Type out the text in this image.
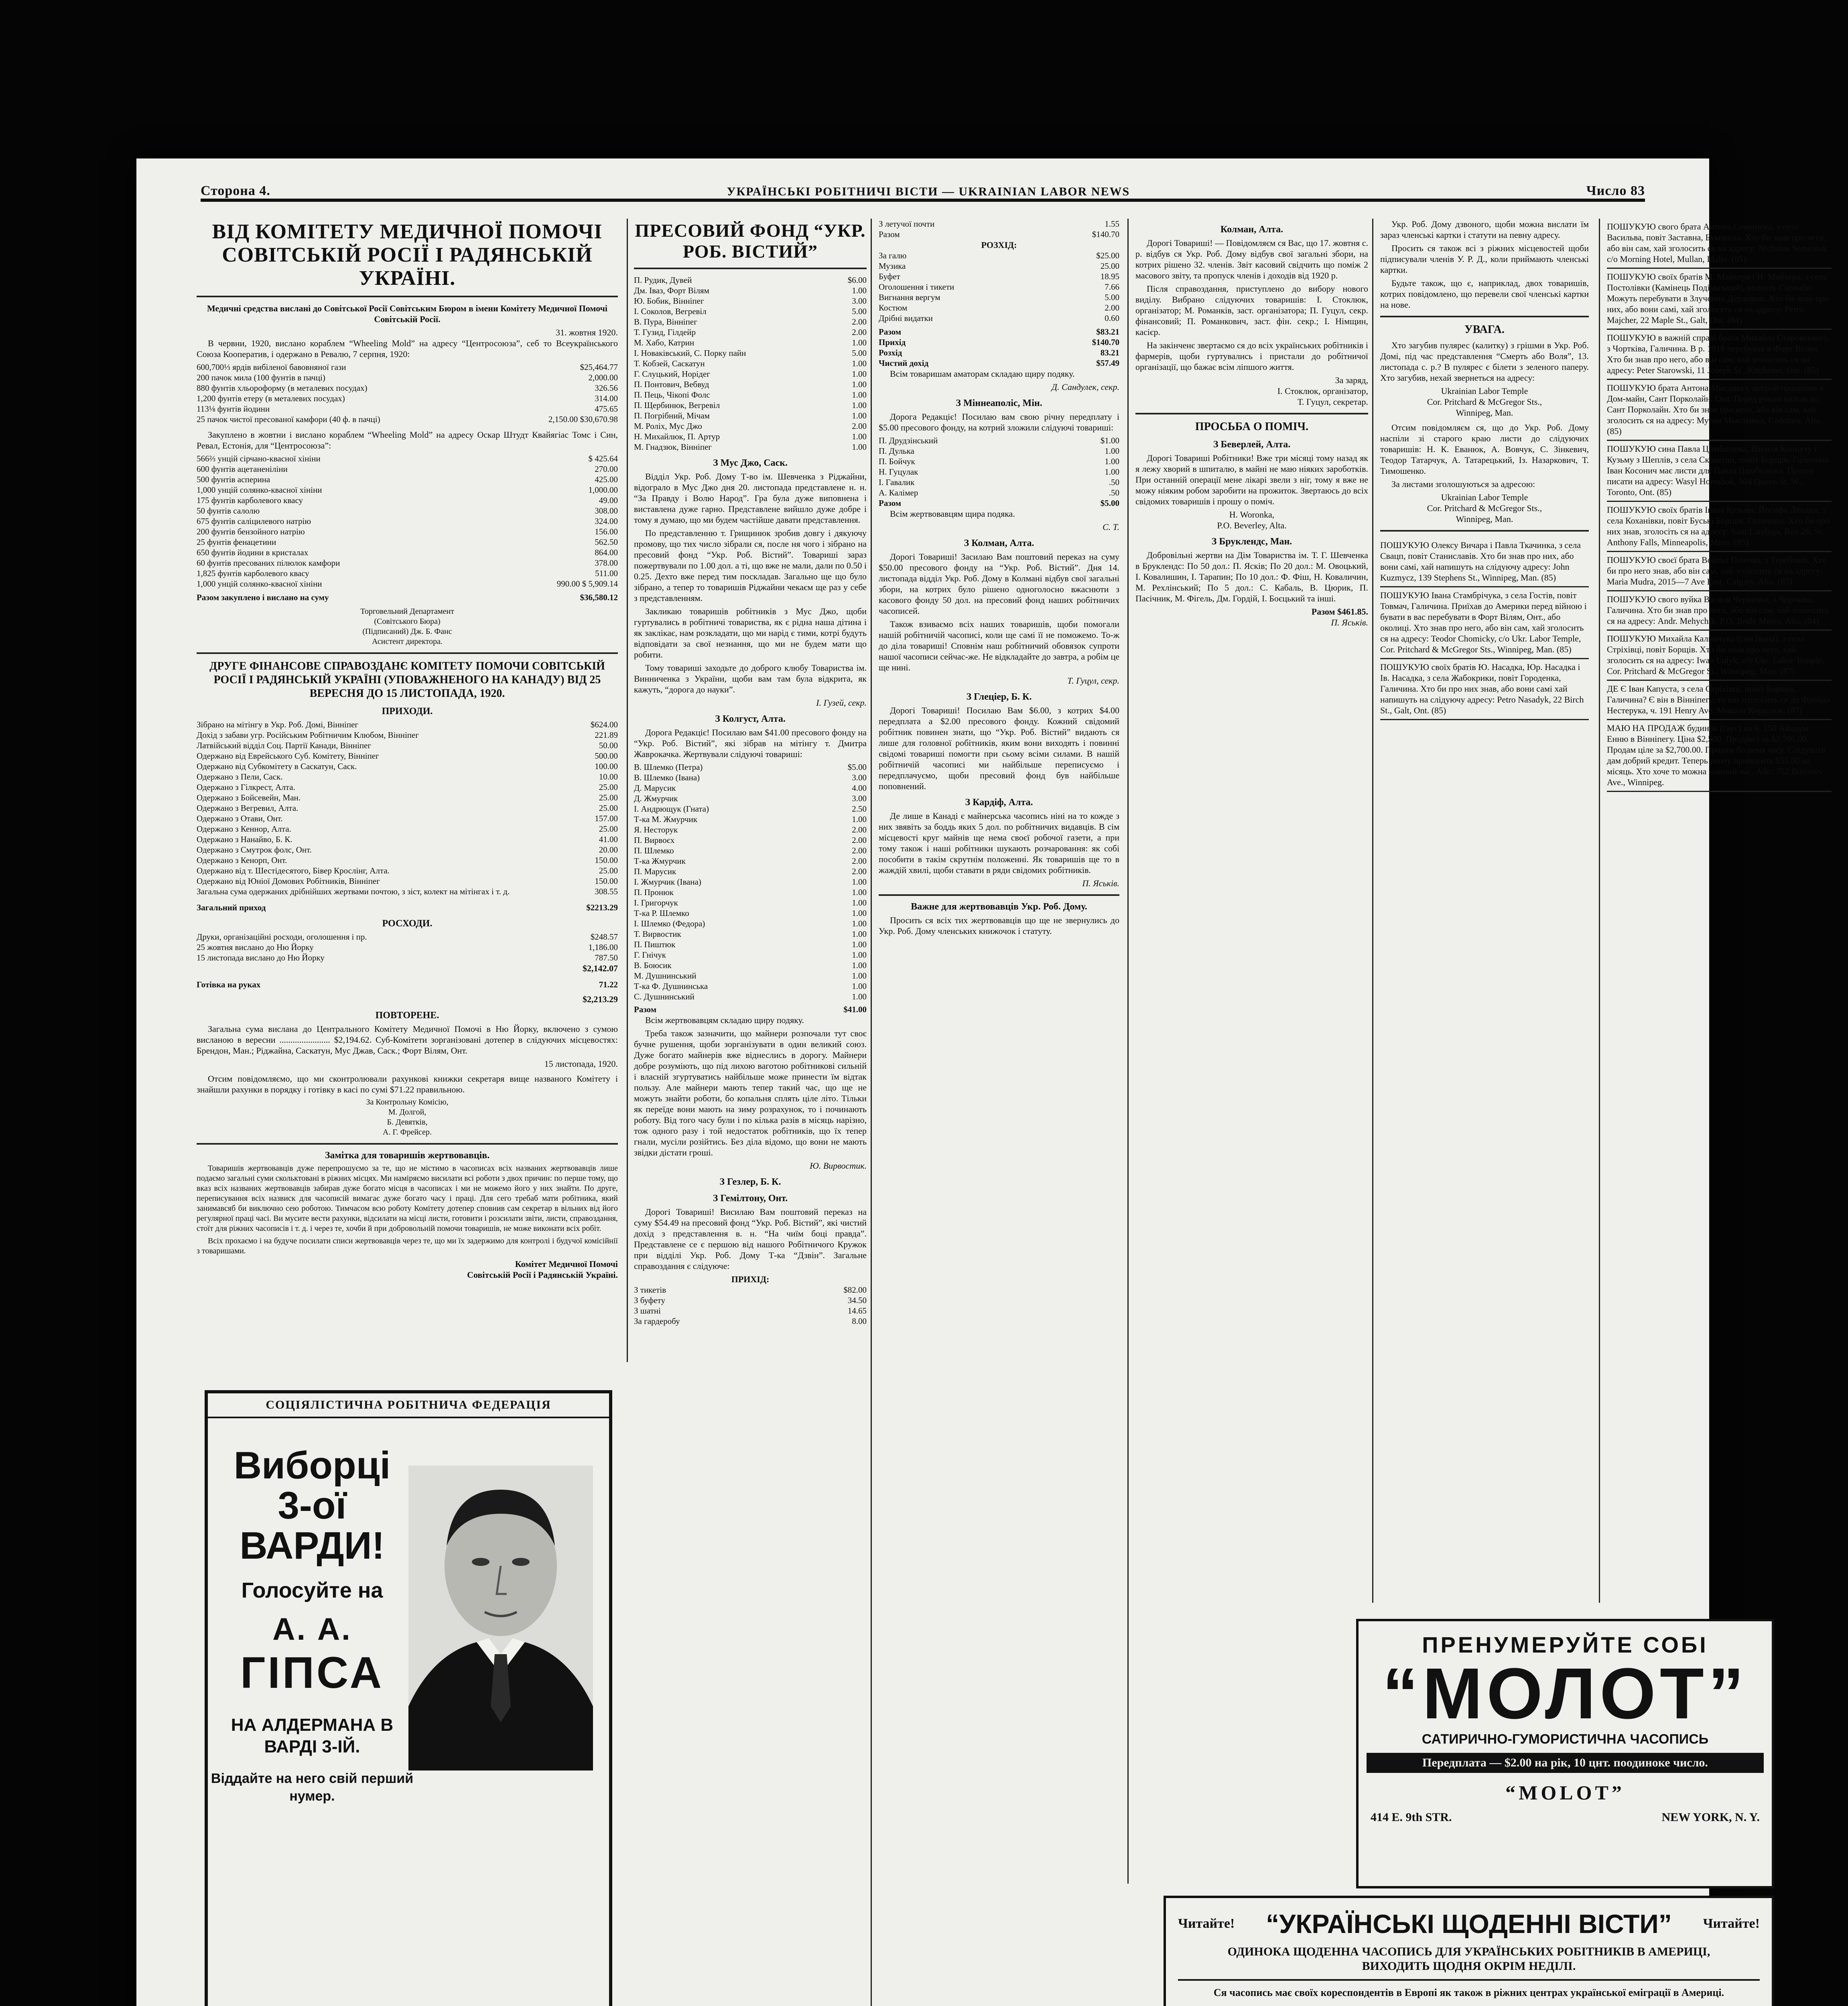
Сторона 4.	УКРАЇНСЬКІ РОБІТНИЧІ ВІСТИ — UKRAINIAN LABOR NEWS	Число 83
ВІД КОМІТЕТУ МЕДИЧНОЇ ПОМОЧІ СОВІТСЬКІЙ РОСІЇ І РАДЯНСЬКІЙ УКРАЇНІ.

Медичні средства вислані до Совітської Росії Совітським Бюром в імени Комітету Медичної Помочі Совітській Росії.

31. жовтня 1920.

В червни, 1920, вислано кораблем “Wheeling Mold” на адресу “Центросоюза”, себ то Всеукраїнського Союза Кооператив, і одержано в Ревалю, 7 серпня, 1920:

600,700⅓ ярдів вибіленої бавовняної гази	$25,464.77
200 пачок мила (100 фунтів в пачці)	2,000.00
880 фунтів хльороформу (в металевих посудах)	326.56
1,200 фунтів етеру (в металевих посудах)	314.00
113⅛ фунтів йодини	475.65
25 пачок чистої пресованої камфори (40 ф. в пачці)	2,150.00 $30,670.98

Закуплено в жовтни і вислано кораблем “Wheeling Mold” на адресу Оскар Штудт Квайягіас Томс і Син, Ревал, Естонія, для “Центросоюза”:

566⅔ унцій сірчано-квасної хініни	$ 425.64
600 фунтів ацетаненіліни	270.00
500 фунтів асперина	425.00
1,000 унцій солянко-квасної хініни	1,000.00
175 фунтів карболевого квасу	49.00
50 фунтів салолю	308.00
675 фунтів саліцилевого натрію	324.00
200 фунтів бензойного натрію	156.00
25 фунтів фенацетини	562.50
650 фунтів йодини в кристалах	864.00
60 фунтів пресованих пілюлок камфори	378.00
1,825 фунтів карболевого квасу	511.00
1,000 унцій солянко-квасної хініни	990.00 $ 5,909.14
Разом закуплено і вислано на суму	$36,580.12
Торговельний Департамент
(Совітського Бюра)
(Підписаний) Дж. Б. Фанс
Асистент директора.
ДРУГЕ ФІНАНСОВЕ СПРАВОЗДАНЄ КОМІТЕТУ ПОМОЧИ СОВІТСЬКІЙ РОСІЇ І РАДЯНСЬКІЙ УКРАЇНІ (УПОВАЖНЕНОГО НА КАНАДУ) ВІД 25 ВЕРЕСНЯ ДО 15 ЛИСТОПАДА, 1920.
ПРИХОДИ.
Зібрано на мітінгу в Укр. Роб. Домі, Вінніпег	$624.00
Дохід з забави угр. Російським Робітничим Клюбом, Вінніпег	221.89
Латвійський відділ Соц. Партії Канади, Вінніпег	50.00
Одержано від Еврейського Суб. Комітету, Вінніпег	500.00
Одержано від Субкомітету в Саскатун, Саск.	100.00
Одержано з Пели, Саск.	10.00
Одержано з Гілкрест, Алта.	25.00
Одержано з Бойсевейн, Ман.	25.00
Одержано з Вегревил, Алта.	25.00
Одержано з Отави, Онт.	157.00
Одержано з Кеннор, Алта.	25.00
Одержано з Нанайво, Б. К.	41.00
Одержано з Смутрок фолс, Онт.	20.00
Одержано з Кенорп, Онт.	150.00
Одержано від т. Шестідесятого, Бівер Крослінг, Алта.	25.00
Одержано від Юніої Домових Робітників, Вінніпег	150.00
Загальна сума одержаних дрібнійших жертвами почтою, з зіст, колект на мітінгах і т. д.	308.55
Загальний приход	$2213.29
РОСХОДИ.
Друки, організаційні росходи, оголошення і пр.	$248.57
25 жовтня вислано до Ню Йорку	1,186.00
15 листопада вислано до Ню Йорку	787.50
$2,142.07
Готівка на руках	71.22
$2,213.29
ПОВТОРЕНЕ.

Загальна сума вислана до Центрального Комітету Медичної Помочі в Ню Йорку, включено з сумою висланою в вересни ....................... $2,194.62. Суб-Комітети зорганізовані дотепер в слідуючих місцевостях: Брендон, Ман.; Ріджайна, Саскатун, Мус Джав, Саск.; Форт Вілям, Онт.

15 листопада, 1920.

Отсим повідомляємо, що ми сконтролювали рахункові книжки секретаря вище названого Комітету і знайшли рахунки в порядку і готівку в касі по сумі $71.22 правильною.

За Контрольну Комісію,
М. Долгой,
Б. Девятків,
А. Г. Фрейсер.
Замітка для товаришів жертвовавців.

Товаришів жертвовавців дуже перепрошуємо за те, що не містимо в часописах всіх названих жертвовавців лише подаємо загальні суми скольктовані в ріжних місцях. Ми наміряємо висилати всі роботи з двох причин: по перше тому, що вказ всіх названих жертвовавців забирав дуже богато місця в часописах і ми не можемо його у них знайти. По друге, переписування всіх назвиск для часописій вимагає дуже богато часу і праці. Для сего требаб мати робітника, який занимавсяб би виключно сею роботою. Тимчасом всю роботу Комітету дотепер сповнив сам секретар в вільних від його регулярної праці часі. Ви мусите вести рахунки, відсилати на місці листи, готовити і розсилати звіти, листи, справоздання, стоїт для ріжних часописів і т. д. і через те, хочби й при добровольній помочи товаришів, не може виконати всіх робіт.

Всіх прохаємо і на будуче посилати списи жертвовавців через те, що ми їх задержимо для контролі і будучої комісійнії з товаришами.

Комітет Медичної Помочі
Совітській Росії і Радянській Україні.
СОЦІЯЛІСТИЧНА РОБІТНИЧА ФЕДЕРАЦІЯ
Виборці
3-ої ВАРДИ!
Голосуйте на
А. А.
ГІПСА
НА АЛДЕРМАНА В ВАРДІ 3-ІЙ.
Віддайте на него свій перший нумер.
ПРЕСОВИЙ ФОНД “УКР. РОБ. ВІСТИЙ”
П. Рудик, Дувей	$6.00
Дм. Іваз, Форт Вілям	1.00
Ю. Бобик, Вінніпег	3.00
І. Соколов, Вегревіл	5.00
В. Пура, Вінніпег	2.00
Т. Гузид, Гілдейр	2.00
М. Хабо, Катрин	1.00
І. Новаківський, С. Порку пайн	5.00
Т. Кобзей, Саскатун	1.00
Г. Слуцький, Норідег	1.00
П. Понтович, Вебвуд	1.00
П. Пець, Чікопі Фолс	1.00
П. Щербинюк, Вегревіл	1.00
П. Погрібний, Мічам	1.00
М. Роліх, Мус Джо	2.00
Н. Михайлюк, П. Артур	1.00
М. Гнадзюк, Вінніпег	1.00
З Мус Джо, Саск.

Відділ Укр. Роб. Дому Т-во ім. Шевченка з Ріджайни, відограло в Мус Джо дня 20. листопада представлене н. н. “За Правду і Волю Народ”. Гра була дуже виповнена і виставлена дуже гарно. Представлене вийшло дуже добре і тому я думаю, що ми будем частійше давати представлення.

По представленню т. Грищинюк зробив довгу і дякуючу промову, що тих число зібрали ся, после ня чого і зібрано на пресовий фонд “Укр. Роб. Вістий”. Товариші зараз пожертвували по 1.00 дол. а ті, що вже не мали, дали по 0.50 і 0.25. Дехто вже перед тим поскладав. Загально ще що було зібрано, а тепер то товаришів Ріджайни чекаєм ще раз у себе з представленням.

Закликаю товаришів робітників з Мус Джо, щоби гуртувались в робітничі товариства, як є рідна наша дітина і як заклікає, нам розкладати, що ми нарід є тими, котрі будуть відповідати за свої незнання, що ми не будем мати що робити.

Тому товариші заходьте до доброго клюбу Товариства ім. Винниченка з України, щоби вам там була відкрита, як кажуть, “дорога до науки”.

І. Гузей, секр.
З Колгуст, Алта.

Дорога Редакціє! Посилаю вам $41.00 пресового фонду на “Укр. Роб. Вістий”, які зібрав на мітінгу т. Дмитра Жаврокачка. Жертвували слідуючі товариші:

В. Шлемко (Петра)	$5.00
В. Шлемко (Івана)	3.00
Д. Марусик	4.00
Д. Жмурчик	3.00
І. Андрющук (Гната)	2.50
Т-ка М. Жмурчик	1.00
Я. Несторук	2.00
П. Вирвоєх	2.00
П. Шлемко	2.00
Т-ка Жмурчик	2.00
П. Марусик	2.00
І. Жмурчик (Івана)	1.00
П. Пронюк	1.00
І. Григорчук	1.00
Т-ка Р. Шлемко	1.00
І. Шлемко (Федора)	1.00
Т. Вирвостик	1.00
П. Пиштюк	1.00
Г. Гнічук	1.00
В. Боюсик	1.00
М. Душнинський	1.00
Т-ка Ф. Душнинська	1.00
С. Душнинський	1.00
Разом	$41.00

Всім жертвовавцям складаю щиру подяку.

Треба також зазначити, що майнери розпочали тут своє бучне рушення, щоби зорганізувати в один великий союз. Дуже богато майнерів вже віднеслись в дорогу. Майнери добре розуміють, що під лихою ваготою робітникові сильній і власній згуртуватись найбільше може принести їм відтак пользу. Але майнери мають тепер такий час, що ще не можуть знайти роботи, бо копальня сплять ціле літо. Тільки як переїде вони мають на зиму розрахунок, то і починають роботу. Від того часу були і по кілька разів в місяць нарізно, тож одного разу і той недостаток робітників, що їх тепер гнали, мусіли розійтись. Без діла відомо, що вони не мають звідки дістати гроші.

Ю. Вирвостик.
З Гезлер, Б. К.
З Гемілтону, Онт.

Дорогі Товариші! Висилаю Вам поштовий переказ на суму $54.49 на пресовий фонд “Укр. Роб. Вістий”, які чистий дохід з представлення в. н. “На чиїм боці правда”. Представлене се є першою від нашого Робітничого Кружок при відділі Укр. Роб. Дому Т-ка “Дзвін”. Загальне справоздання є слідуюче:

ПРИХІД:
З тикетів	$82.00
З буфету	34.50
З шатні	14.65
За гардеробу	8.00
З летучої почти	1.55
Разом	$140.70
РОЗХІД:
За галю	$25.00
Музика	25.00
Буфет	18.95
Оголошення і тикети	7.66
Вигнання вергум	5.00
Костюм	2.00
Дрібні видатки	0.60
Разом	$83.21
Прихід	$140.70
Розхід	83.21
Чистий дохід	$57.49

Всім товаришам аматорам складаю щиру подяку.

Д. Сандулек, секр.
З Міннеаполіс, Мін.

Дорога Редакціє! Посилаю вам свою річну передплату і $5.00 пресового фонду, на котрий зложили слідуючі товариші:

П. Друдзінський	$1.00
П. Дулька	1.00
П. Бойчук	1.00
Н. Гуцулак	1.00
І. Гавалик	.50
А. Калімер	.50
Разом	$5.00

Всім жертвовавцям щира подяка.

С. Т.
З Колман, Алта.

Дорогі Товариші! Засилаю Вам поштовий переказ на суму $50.00 пресового фонду на “Укр. Роб. Вістий”. Дня 14. листопада відділ Укр. Роб. Дому в Колмані відбув свої загальні збори, на котрих було рішено одноголосно вжаснюти з касового фонду 50 дол. на пресовий фонд наших робітничих часописей.

Також взиваємо всіх наших товаришів, щоби помогали нашій робітничій часописі, коли ще самі її не поможемо. То-ж до діла товариші! Сповнім наш робітничий обовязок супроти нашої часописи сейчас-же. Не відкладайте до завтра, а робім це ще нині.

Т. Гуцул, секр.
З Глеціер, Б. К.

Дорогі Товариші! Посилаю Вам $6.00, з котрих $4.00 передплата а $2.00 пресового фонду. Кожний свідомий робітник повинен знати, що “Укр. Роб. Вістий” видають ся лише для головної робітників, яким вони виходять і повинні свідомі товариші помогти при сьому всіми силами. В нашій робітничій часописі ми найбільше переписуємо і передплачуємо, щоби пресовий фонд був найбільше поповнений.

З Кардіф, Алта.

Де лише в Канаді є майнерська часопись ніні на то кожде з них звявіть за боддь яких 5 дол. по робітничих видавців. В сім місцевості круг майнів ще нема своєї робочої газети, а при тому також і наші робітники шукають розчаровання: як собі пособити в такім скрутнім положенні. Як товаришів ще то в жаждій хвилі, щоби ставати в ряди свідомих робітників.

П. Яськів.
Важне для жертвовавців Укр. Роб. Дому.

Просить ся всіх тих жертвовавців що ще не звернулись до Укр. Роб. Дому членських книжочок і статуту.

Колман, Алта.

Дорогі Товариші! — Повідомляєм ся Вас, що 17. жовтня с. р. відбув ся Укр. Роб. Дому відбув свої загальні збори, на котрих рішено 32. членів. Звіт касовий свідчить що поміж 2 масового звіту, та пропуск членів і доходів від 1920 р.

Після справоздання, приступлено до вибору нового виділу. Вибрано слідуючих товаришів: І. Стоклюк, організатор; М. Романків, заст. організатора; П. Гуцул, секр. фінансовий; П. Романкович, заст. фін. секр.; І. Німщин, касієр.

На закінченє звертаємо ся до всіх українських робітників і фармерів, щоби гуртувались і пристали до робітничої організації, що бажає всім ліпшого життя.

За заряд,
І. Стоклюк, організатор,
Т. Гуцул, секретар.
ПРОСЬБА О ПОМІЧ.
З Беверлей, Алта.

Дорогі Товариші Робітники! Вже три місяці тому назад як я лежу хворий в шпиталю, в майні не маю ніяких зароботків. При останній операції мене лікарі звели з ніг, тому я вже не можу ніяким робом заробити на прожиток. Звертаюсь до всіх свідомих товаришів і прошу о поміч.

Н. Woronka,
P.O. Beverley, Alta.
З Бруклендс, Ман.

Добровільні жертви на Дім Товариства ім. Т. Г. Шевченка в Бруклендс: По 50 дол.: П. Ясків; По 20 дол.: М. Овоцький, І. Ковалишин, І. Тарапин; По 10 дол.: Ф. Фіш, Н. Коваличин, М. Рехлінський; По 5 дол.: С. Кабаль, В. Цюрик, П. Пасічник, М. Фігель, Дм. Гордій, І. Боєцький та інші.

Разом $461.85.
П. Яськів.

Укр. Роб. Дому дзвоного, щоби можна вислати їм зараз членські картки і статути на певну адресу.

Просить ся також всі з ріжних місцевостей щоби підписували членів У. Р. Д., коли приймають членські картки.

Будьте також, що є, наприклад, двох товаришів, котрих повідомлено, що перевели свої членські картки на нове.

УВАГА.

Хто загубив пулярес (калитку) з грішми в Укр. Роб. Домі, під час представлення “Смерть або Воля”, 13. листопада с. р.? В пулярес є білети з зеленого паперу. Хто загубив, нехай звернеться на адресу:

Ukrainian Labor Temple
Cor. Pritchard & McGregor Sts.,
Winnipeg, Man.

Отсим повідомляєм ся, що до Укр. Роб. Дому наспіли зі старого краю листи до слідуючих товаришів: Н. К. Еванюк, А. Вовчук, С. Зінкевич, Теодор Татарчук, А. Татарецький, Із. Назаркович, Т. Тимошенко.

За листами зголошуються за адресою:

Ukrainian Labor Temple
Cor. Pritchard & McGregor Sts.,
Winnipeg, Man.
ПОШУКУЮ Олексу Вичара і Павла Ткачинка, з села Свацп, повіт Станиславів. Хто би знав про них, або вони самі, хай напишуть на слідуючу адресу: John Kuzmycz, 139 Stephens St., Winnipeg, Man. (85)
ПОШУКУЮ Івана Стамбрічука, з села Гостів, повіт Товмач, Галичина. Приїхав до Америки перед війною і бувати в вас перебувати в Форт Вілям, Онт., або околиці. Хто знав про него, або він сам, хай зголосить ся на адресу: Teodor Chomicky, c/o Ukr. Labor Temple, Cor. Pritchard & McGregor Sts., Winnipeg, Man. (85)
ПОШУКУЮ своїх братів Ю. Насадка, Юр. Насадка і Ів. Насадка, з села Жабокрики, повіт Городенка, Галичина. Хто би про них знав, або вони самі хай напишуть на слідуючу адресу: Petro Nasadyk, 22 Birch St., Galt, Ont. (85)
ПОШУКУЮ свого брата Антона Семенюка, з села Васильва, повіт Заставна, Буковина. Хто би знав про него, або він сам, хай зголосить ся на адресу: Nicholas Semeniuk c/o Morning Hotel, Mullan, Idaho. (85)
ПОШУКУЮ своїх братів М. Майхера і Н. Майхера, з села Постолівки (Камінець Подільський), волость Сарнаби. Можуть перебувати в Злучених Державах. Хто би знав про них, або вони самі, хай зголосять ся на адресу: Petro Majcher, 22 Maple St., Galt, Ont. (84)
ПОШУКУЮ в важній справі брата Михайла Старовського, з Чортківа, Галичина. В р. 1918 перебував в Форт Вілям. Хто би знав про него, або він сам, хай зголосить ся на адресу: Peter Starowski, 11 Joseph St., Kitchener, Ont. (85)
ПОШУКУЮ брата Антона Мисливку, котрий працював в Дом-майн, Сант Порколайн, Онт. Перед роком виїхав до Сант Порколайн. Хто би знав про него, або він сам, хай зголосить ся на адресу: Мутон Мыслывка, Cadomin, Alta. (85)
ПОШУКУЮ сина Павла Цимбалюка, Василя Концуту і Кузьму з Шеплів, з села Сковятин, повіт Борщів, Галичина. Іван Косонич має листи для Павла Цимбалюка. Прошу писати на адресу: Wasyl Horoshok, 504 Queen St. W., Toronto, Ont. (85)
ПОШУКУЮ своїх братів Івана Кузьми, Йосифа Ляндки, з села Коханівки, повіт Буські Борщів, Галичина. Хто би про них знав, зголосіть ся на адресу: Sam Landyga, Box 26, St. Anthony Falls, Minneapolis, Minn. (85)
ПОШУКУЮ своєї брата Войтка Олючка, з Теребовлі. Хто би про него знав, або він сам, хай зголосить ся на адресу: Maria Mudra, 2015—7 Ave East, Calgary, Alta. (85)
ПОШУКУЮ свого вуйка Василя Черненка, з Чортківа, Галичина. Хто би знав про него, або він сам, хай зголосить ся на адресу: Andr. Mehychik, P.O. Brule Mines, Alta. (84)
ПОШУКУЮ Михайла Калинчука (син Івана), з села Стріхівці, повіт Борщів. Хто би знав про него, хай зголосить ся на адресу: Iwan Lulyk, c/o Ukr. Labor Temple, Cor. Pritchard & McGregor St., Winnipeg, Man. (87)
ДЕ Є Іван Капуста, з села Стріхівці, повіт Борщів, Галичина? Є він в Вінніпегу, то він зголосить ся до Фрейда Нестерука, ч. 191 Henry Ave. Микола Кирилюк. (87)
МАЮ НА ПРОДАЖ будинок (гаус) на ч. 150 Айвдум Енню в Вінніпегу. Ціна $2,500. Продам і за $2,700.00. Продам ціле за $2,700.00. Продам бо нема часу. Слідувати дам добрий кредит. Теперь ренту приносить $55.00 на місяць. Хто хоче то можна кожний час. Adr.: 752 Burrows Ave., Winnipeg.
ПРЕНУМЕРУЙТЕ СОБІ
“МОЛОТ”
САТИРИЧНО-ГУМОРИСТИЧНА ЧАСОПИСЬ
Передплата — $2.00 на рік, 10 цнт. поодиноке число.
“MOLOT”
414 E. 9th STR.	NEW YORK, N. Y.
Читайте! “УКРАЇНСЬКІ ЩОДЕННІ ВІСТИ” Читайте!
ОДИНОКА ЩОДЕННА ЧАСОПИСЬ ДЛЯ УКРАЇНСЬКИХ РОБІТНИКІВ В АМЕРИЦІ, ВИХОДИТЬ ЩОДНЯ ОКРІМ НЕДІЛІ.
Ся часопись має своїх кореспондентів в Европі як також в ріжних центрах української еміграції в Америці.
